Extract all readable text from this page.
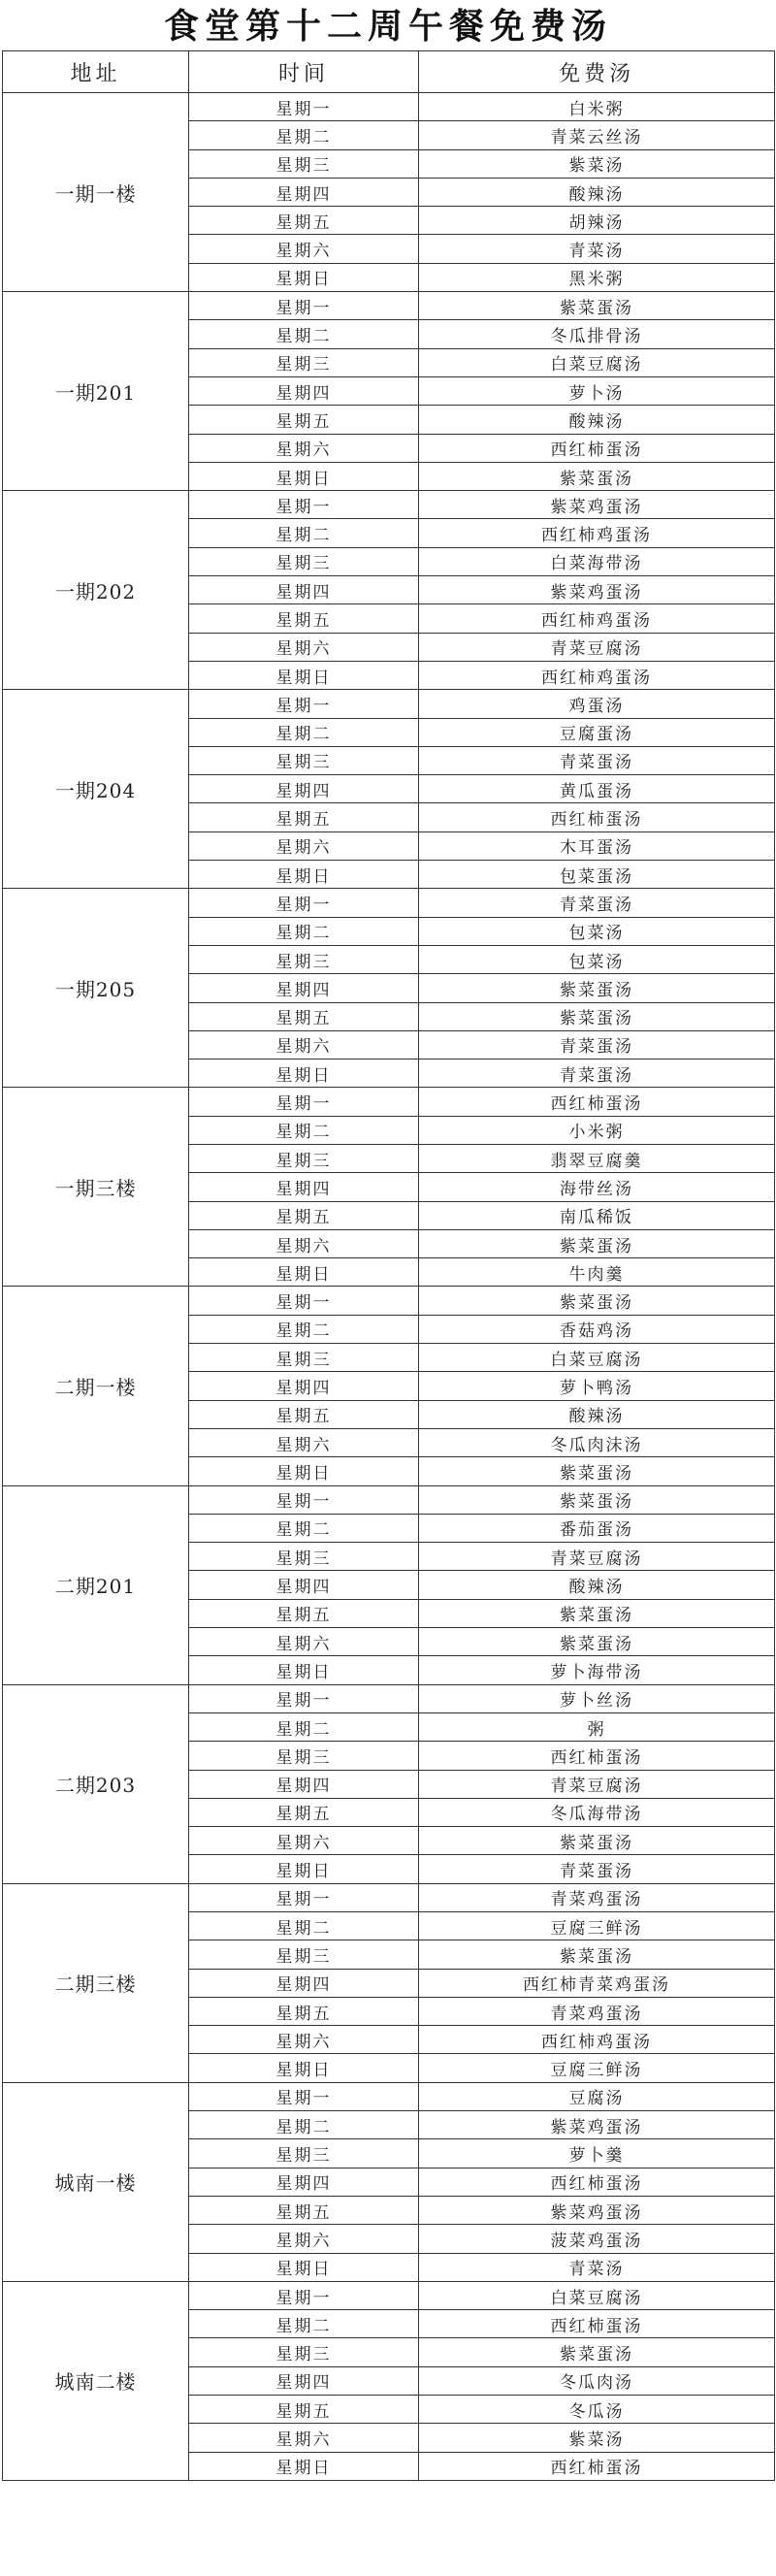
食堂第十二周午餐免费汤
地址	时间	免费汤
一期一楼	星期一	白米粥
	星期二	青菜云丝汤
	星期三	紫菜汤
	星期四	酸辣汤
	星期五	胡辣汤
	星期六	青菜汤
	星期日	黑米粥
一期201	星期一	紫菜蛋汤
	星期二	冬瓜排骨汤
	星期三	白菜豆腐汤
	星期四	萝卜汤
	星期五	酸辣汤
	星期六	西红柿蛋汤
	星期日	紫菜蛋汤
一期202	星期一	紫菜鸡蛋汤
	星期二	西红柿鸡蛋汤
	星期三	白菜海带汤
	星期四	紫菜鸡蛋汤
	星期五	西红柿鸡蛋汤
	星期六	青菜豆腐汤
	星期日	西红柿鸡蛋汤
一期204	星期一	鸡蛋汤
	星期二	豆腐蛋汤
	星期三	青菜蛋汤
	星期四	黄瓜蛋汤
	星期五	西红柿蛋汤
	星期六	木耳蛋汤
	星期日	包菜蛋汤
一期205	星期一	青菜蛋汤
	星期二	包菜汤
	星期三	包菜汤
	星期四	紫菜蛋汤
	星期五	紫菜蛋汤
	星期六	青菜蛋汤
	星期日	青菜蛋汤
一期三楼	星期一	西红柿蛋汤
	星期二	小米粥
	星期三	翡翠豆腐羹
	星期四	海带丝汤
	星期五	南瓜稀饭
	星期六	紫菜蛋汤
	星期日	牛肉羹
二期一楼	星期一	紫菜蛋汤
	星期二	香菇鸡汤
	星期三	白菜豆腐汤
	星期四	萝卜鸭汤
	星期五	酸辣汤
	星期六	冬瓜肉沫汤
	星期日	紫菜蛋汤
二期201	星期一	紫菜蛋汤
	星期二	番茄蛋汤
	星期三	青菜豆腐汤
	星期四	酸辣汤
	星期五	紫菜蛋汤
	星期六	紫菜蛋汤
	星期日	萝卜海带汤
二期203	星期一	萝卜丝汤
	星期二	粥
	星期三	西红柿蛋汤
	星期四	青菜豆腐汤
	星期五	冬瓜海带汤
	星期六	紫菜蛋汤
	星期日	青菜蛋汤
二期三楼	星期一	青菜鸡蛋汤
	星期二	豆腐三鲜汤
	星期三	紫菜蛋汤
	星期四	西红柿青菜鸡蛋汤
	星期五	青菜鸡蛋汤
	星期六	西红柿鸡蛋汤
	星期日	豆腐三鲜汤
城南一楼	星期一	豆腐汤
	星期二	紫菜鸡蛋汤
	星期三	萝卜羹
	星期四	西红柿蛋汤
	星期五	紫菜鸡蛋汤
	星期六	菠菜鸡蛋汤
	星期日	青菜汤
城南二楼	星期一	白菜豆腐汤
	星期二	西红柿蛋汤
	星期三	紫菜蛋汤
	星期四	冬瓜肉汤
	星期五	冬瓜汤
	星期六	紫菜汤
	星期日	西红柿蛋汤
